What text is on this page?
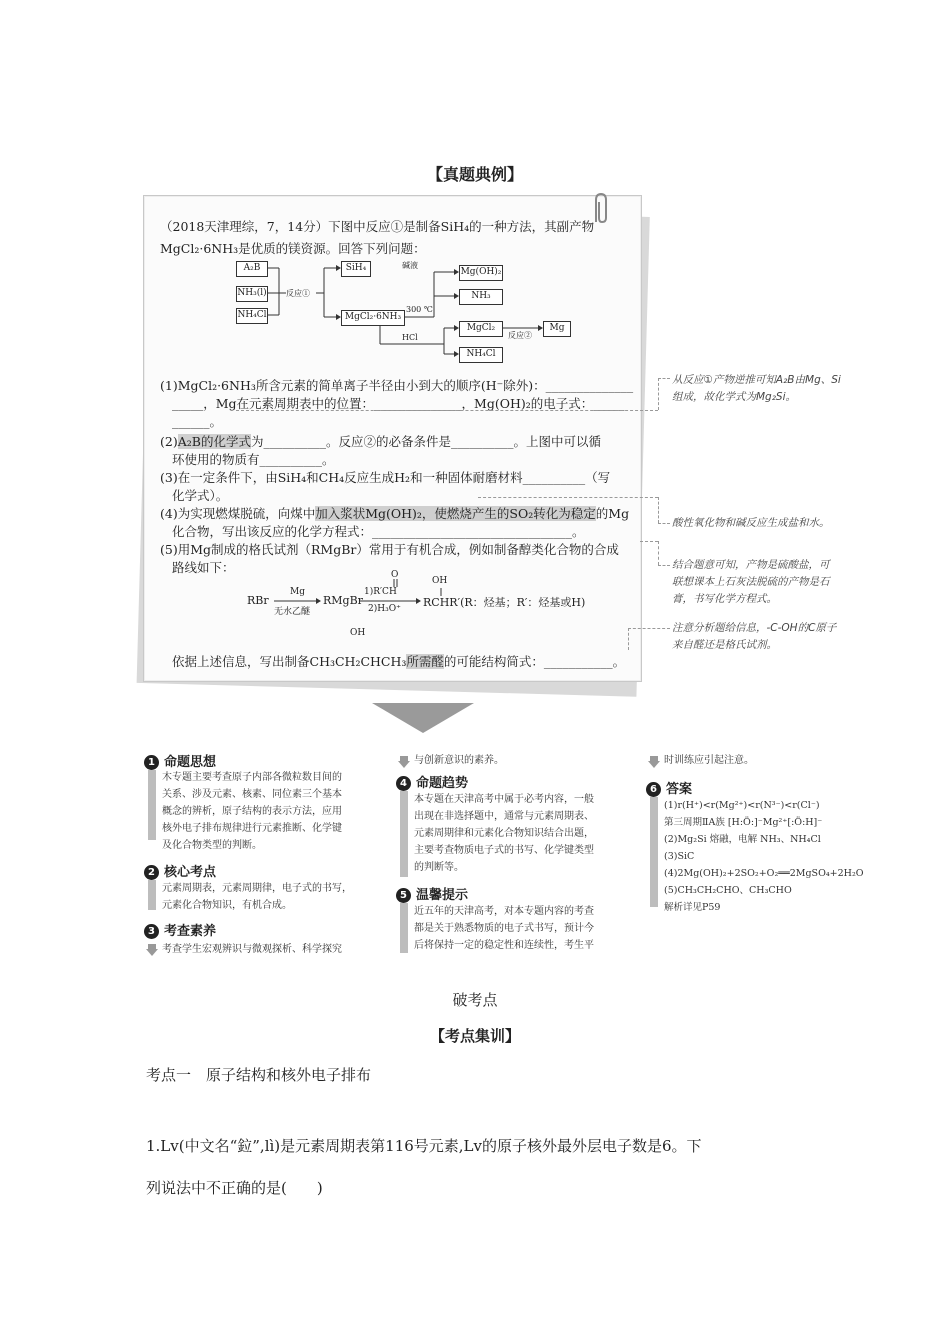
【真题典例】
（2018天津理综，7，14分）下图中反应①是制备SiH₄的一种方法，其副产物
MgCl₂·6NH₃是优质的镁资源。回答下列问题：
A₂B
NH₃(l)
NH₄Cl
反应①
SiH₄
MgCl₂·6NH₃
碱液
300 ℃
HCl
Mg(OH)₂
NH₃
MgCl₂
NH₄Cl
反应②
Mg
(1)MgCl₂·6NH₃所含元素的简单离子半径由小到大的顺序(H⁻除外)：______________
_____，Mg在元素周期表中的位置：______________，Mg(OH)₂的电子式：_____
______。
(2)A₂B的化学式为__________。反应②的必备条件是__________。上图中可以循
环使用的物质有__________。
(3)在一定条件下，由SiH₄和CH₄反应生成H₂和一种固体耐磨材料__________（写
化学式）。
(4)为实现燃煤脱硫，向煤中加入浆状Mg(OH)₂，使燃烧产生的SO₂转化为稳定的Mg
化合物，写出该反应的化学方程式：________________________________。
(5)用Mg制成的格氏试剂（RMgBr）常用于有机合成，例如制备醇类化合物的合成
路线如下：
RBr
Mg
无水乙醚
RMgBr
O
1)R′CH
2)H₃O⁺
OH
RCHR′(R：烃基；R′：烃基或H)
OH
依据上述信息，写出制备CH₃CH₂CHCH₃所需醛的可能结构简式：___________。
从反应①产物逆推可知A₂B由Mg、Si
组成，故化学式为Mg₂Si。
酸性氧化物和碱反应生成盐和水。
结合题意可知，产物是硫酸盐，可
联想课本上石灰法脱硫的产物是石
膏，书写化学方程式。
注意分析题给信息，-C-OH的C原子
来自醛还是格氏试剂。
1 命题思想
木专题主要考查原子内部各微粒数目间的
关系、涉及元素、核素、同位素三个基本
概念的辨析，原子结构的表示方法，应用
核外电子排布规律进行元素推断、化学键
及化合物类型的判断。
2 核心考点
元素周期表，元素周期律，电子式的书写，
元素化合物知识，有机合成。
3 考查素养
考查学生宏观辨识与微观探析、科学探究
与创新意识的素养。
4 命题趋势
本专题在天津高考中属于必考内容，一般
出现在非选择题中，通常与元素周期表、
元素周期律和元素化合物知识结合出题，
主要考查物质电子式的书写、化学键类型
的判断等。
5 温馨提示
近五年的天津高考，对本专题内容的考查
都是关于熟悉物质的电子式书写，预计今
后将保持一定的稳定性和连续性，考生平
时训练应引起注意。
6 答案
(1)r(H⁺)<r(Mg²⁺)<r(N³⁻)<r(Cl⁻)
第三周期ⅡA族 [H:Ö:]⁻Mg²⁺[:Ö:H]⁻
(2)Mg₂Si 熔融，电解 NH₃、NH₄Cl
(3)SiC
(4)2Mg(OH)₂+2SO₂+O₂══2MgSO₄+2H₂O
(5)CH₃CH₂CHO、CH₃CHO
解析详见P59
破考点
【考点集训】
考点一　原子结构和核外电子排布
1.Lv(中文名“鉝”,lì)是元素周期表第116号元素,Lv的原子核外最外层电子数是6。下
列说法中不正确的是(　　)
